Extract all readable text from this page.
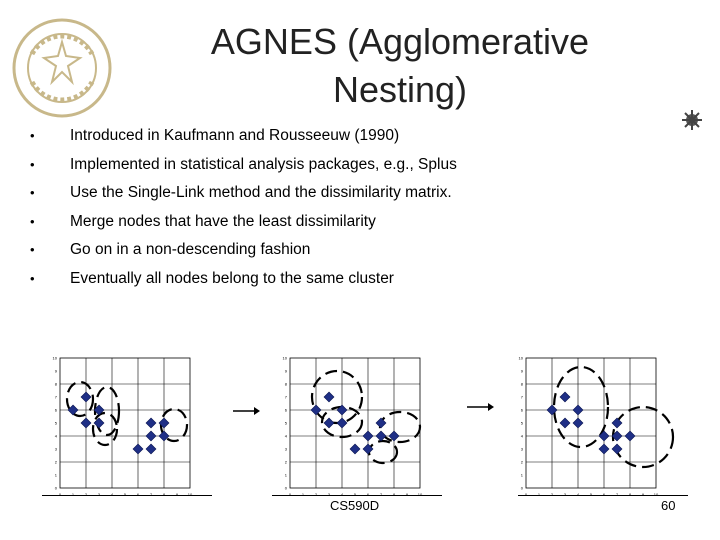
AGNES (Agglomerative
Nesting)
• Introduced in Kaufmann and Rousseeuw (1990)
• Implemented in statistical analysis packages, e.g., Splus
• Use the Single-Link method and the dissimilarity matrix.
• Merge nodes that have the least dissimilarity
• Go on in a non-descending fashion
• Eventually all nodes belong to the same cluster
0
1
2
3
4
5
6
7
8
9
10
0
1
2
3
4
5
6
7
8
9
10
0
1
2
3
4
5
6
7
8
9
10
CS590D	60
